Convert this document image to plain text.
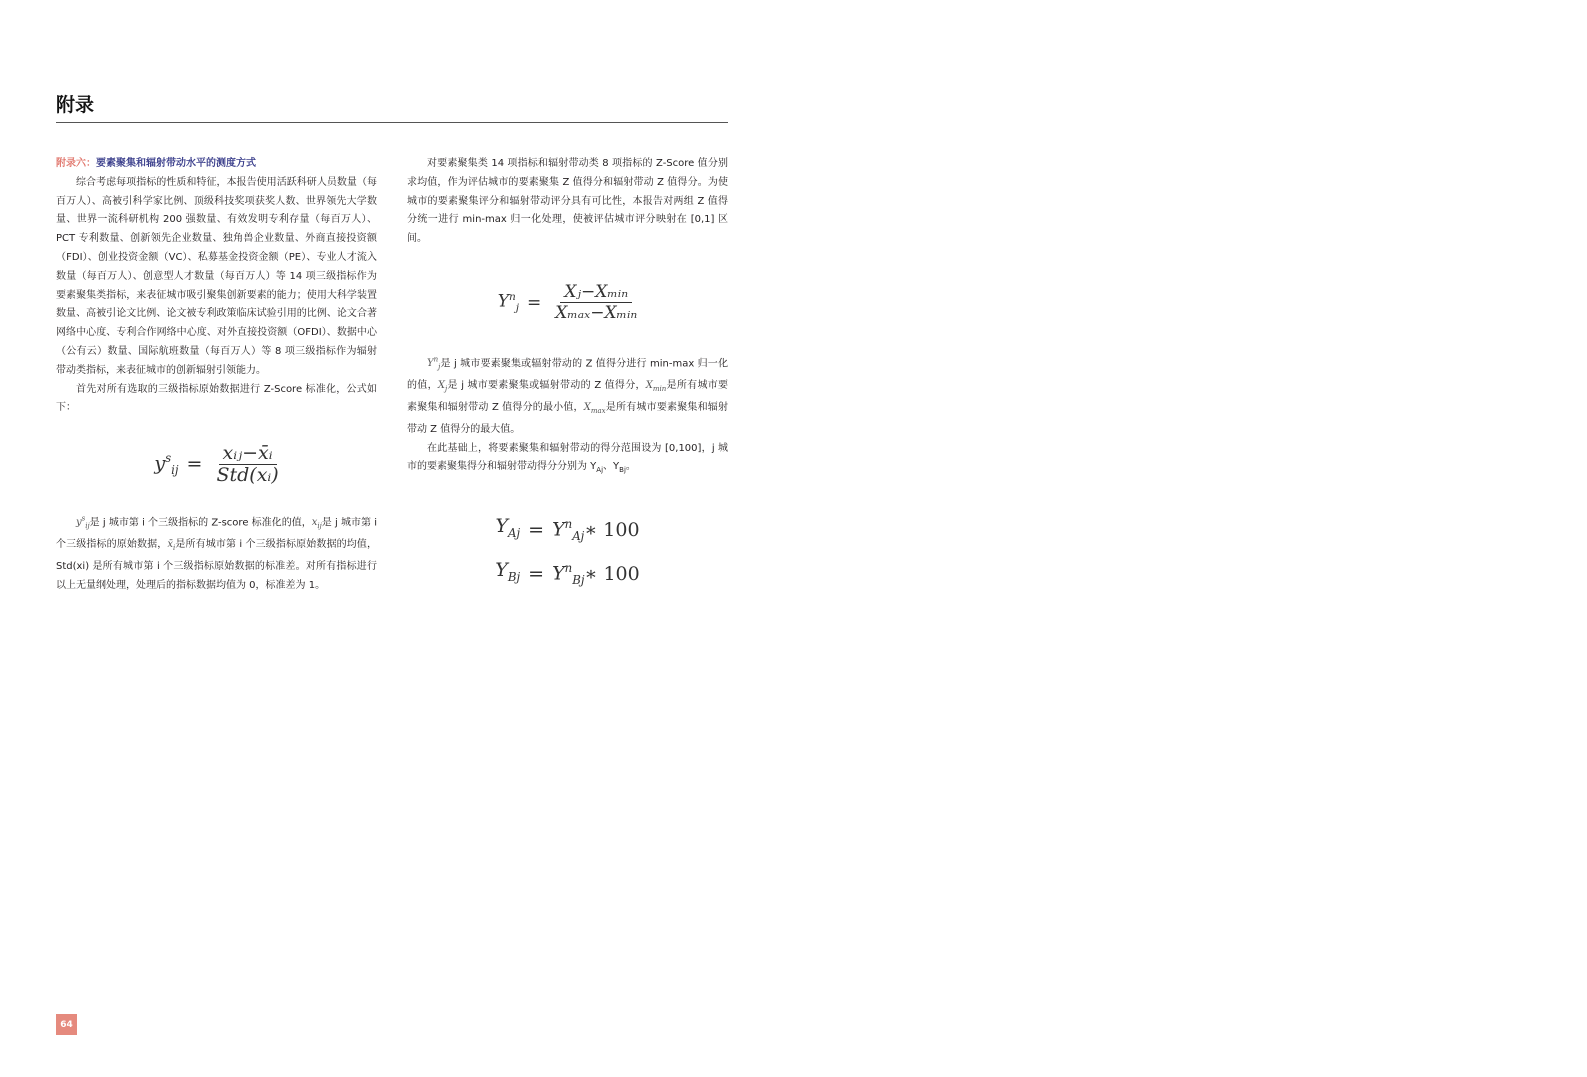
附录
附录六：要素聚集和辐射带动水平的测度方式

综合考虑每项指标的性质和特征，本报告使用活跃科研人员数量（每百万人）、高被引科学家比例、顶级科技奖项获奖人数、世界领先大学数量、世界一流科研机构 200 强数量、有效发明专利存量（每百万人）、PCT 专利数量、创新领先企业数量、独角兽企业数量、外商直接投资额（FDI）、创业投资金额（VC）、私募基金投资金额（PE）、专业人才流入数量（每百万人）、创意型人才数量（每百万人）等 14 项三级指标作为要素聚集类指标，来表征城市吸引聚集创新要素的能力；使用大科学装置数量、高被引论文比例、论文被专利政策临床试验引用的比例、论文合著网络中心度、专利合作网络中心度、对外直接投资额（OFDI）、数据中心（公有云）数量、国际航班数量（每百万人）等 8 项三级指标作为辐射带动类指标，来表征城市的创新辐射引领能力。

首先对所有选取的三级指标原始数据进行 Z-Score 标准化，公式如下：

$y^s_{ij} = \frac{\text{xᵢⱼ−x̄ᵢ}}{\text{Std(xᵢ)}}$

$y^s_{ij}$是 j 城市第 i 个三级指标的 Z-score 标准化的值，$x_{ij}$是 j 城市第 i 个三级指标的原始数据，$x̄_i$是所有城市第 i 个三级指标原始数据的均值，Std(xi) 是所有城市第 i 个三级指标原始数据的标准差。对所有指标进行以上无量纲处理，处理后的指标数据均值为 0，标准差为 1。

对要素聚集类 14 项指标和辐射带动类 8 项指标的 Z-Score 值分别求均值，作为评估城市的要素聚集 Z 值得分和辐射带动 Z 值得分。为使城市的要素聚集评分和辐射带动评分具有可比性，本报告对两组 Z 值得分统一进行 min-max 归一化处理，使被评估城市评分映射在 [0,1] 区间。

$Y^n_j = \frac{\text{Xⱼ−Xₘᵢₙ}}{\text{Xₘₐₓ−Xₘᵢₙ}}$

$Y^n_j$是 j 城市要素聚集或辐射带动的 Z 值得分进行 min-max 归一化的值，$X_j$是 j 城市要素聚集或辐射带动的 Z 值得分，$X_{min}$是所有城市要素聚集和辐射带动 Z 值得分的最小值，$X_{max}$是所有城市要素聚集和辐射带动 Z 值得分的最大值。

在此基础上，将要素聚集和辐射带动的得分范围设为 [0,100]，j 城市的要素聚集得分和辐射带动得分分别为 $Y_{Aj}$、$Y_{Bj}$。

$Y_{Aj} = Y^n_{Aj}$ ∗ 100
$Y_{Bj} = Y^n_{Bj}$ ∗ 100
64
